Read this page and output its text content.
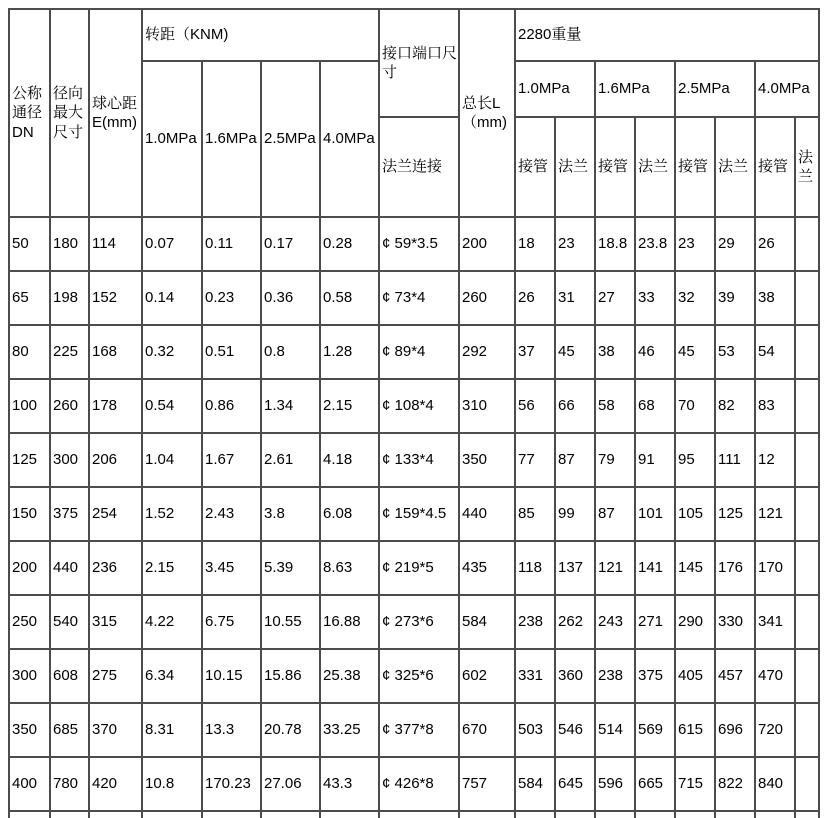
公称通径DN	径向最大尺寸	球心距E(mm)	转距（KNM)				接口端口尺寸	总长L（mm)	2280重量							
			1.0MPa	1.6MPa	2.5MPa	4.0MPa			1.0MPa		1.6MPa		2.5MPa		4.0MPa	
							法兰连接		接管	法兰	接管	法兰	接管	法兰	接管	法兰
50	180	114	0.07	0.11	0.17	0.28	¢ 59*3.5	200	18	23	18.8	23.8	23	29	26	
65	198	152	0.14	0.23	0.36	0.58	¢ 73*4	260	26	31	27	33	32	39	38	
80	225	168	0.32	0.51	0.8	1.28	¢ 89*4	292	37	45	38	46	45	53	54	
100	260	178	0.54	0.86	1.34	2.15	¢ 108*4	310	56	66	58	68	70	82	83	
125	300	206	1.04	1.67	2.61	4.18	¢ 133*4	350	77	87	79	91	95	111	12	
150	375	254	1.52	2.43	3.8	6.08	¢ 159*4.5	440	85	99	87	101	105	125	121	
200	440	236	2.15	3.45	5.39	8.63	¢ 219*5	435	118	137	121	141	145	176	170	
250	540	315	4.22	6.75	10.55	16.88	¢ 273*6	584	238	262	243	271	290	330	341	
300	608	275	6.34	10.15	15.86	25.38	¢ 325*6	602	331	360	238	375	405	457	470	
350	685	370	8.31	13.3	20.78	33.25	¢ 377*8	670	503	546	514	569	615	696	720	
400	780	420	10.8	170.23	27.06	43.3	¢ 426*8	757	584	645	596	665	715	822	840	
